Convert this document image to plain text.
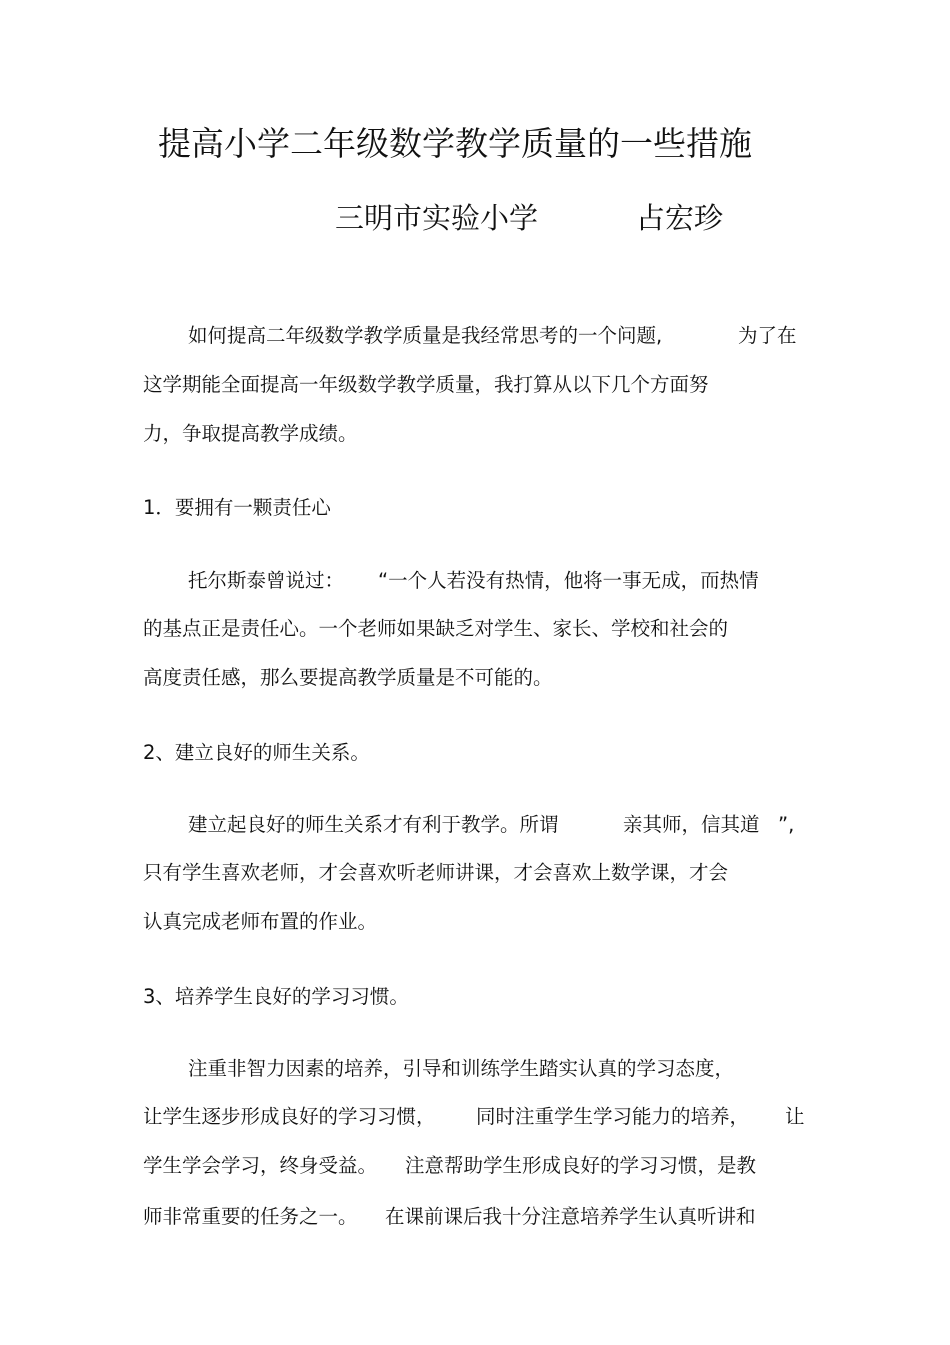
提高小学二年级数学教学质量的一些措施
三明市实验小学	占宏珍
如何提高二年级数学教学质量是我经常思考的一个问题,	为了在
这学期能全面提高一年级数学教学质量，我打算从以下几个方面努
力，争取提高教学成绩。
1．要拥有一颗责任心
托尔斯泰曾说过： “一个人若没有热情，他将一事无成，而热情
的基点正是责任心。一个老师如果缺乏对学生、家长、学校和社会的
高度责任感，那么要提高教学质量是不可能的。
2、建立良好的师生关系。
建立起良好的师生关系才有利于教学。所谓	亲其师，信其道 ”,
只有学生喜欢老师，才会喜欢听老师讲课，才会喜欢上数学课，才会
认真完成老师布置的作业。
3、培养学生良好的学习习惯。
注重非智力因素的培养，引导和训练学生踏实认真的学习态度，
让学生逐步形成良好的学习习惯， 同时注重学生学习能力的培养， 让
学生学会学习，终身受益。 注意帮助学生形成良好的学习习惯，是教
师非常重要的任务之一。 在课前课后我十分注意培养学生认真听讲和
